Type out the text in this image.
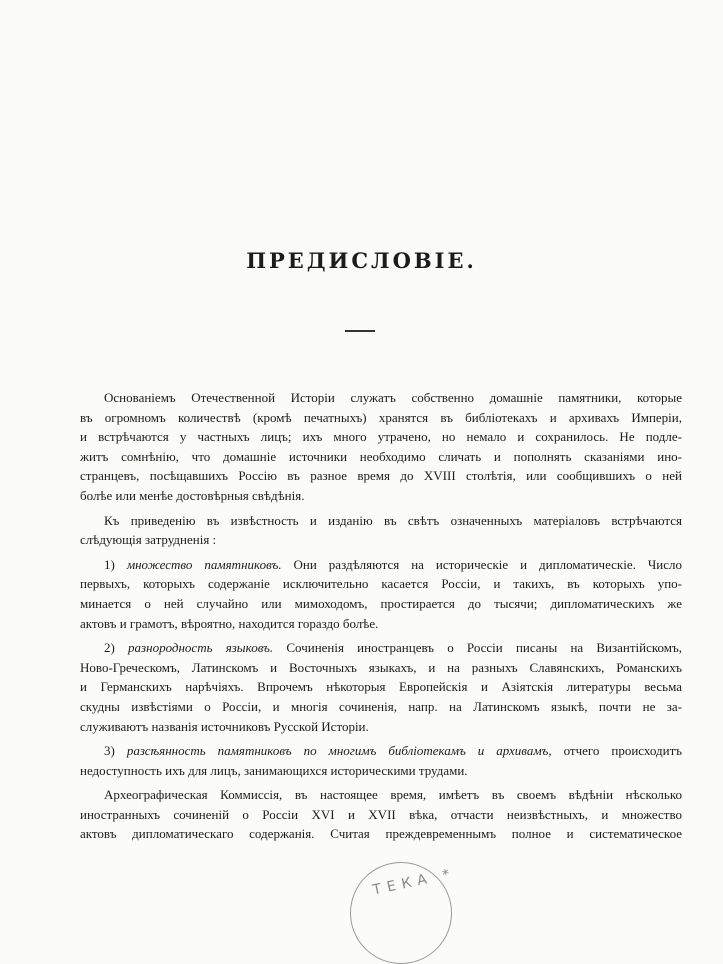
ПРЕДИСЛОВІЕ.
Основаніемъ Отечественной Исторіи служатъ собственно домашніе памятники, которые
въ огромномъ количествѣ (кромѣ печатныхъ) хранятся въ библіотекахъ и архивахъ Имперіи,
и встрѣчаются у частныхъ лицъ; ихъ много утрачено, но немало и сохранилось. Не подле-
житъ сомнѣнію, что домашніе источники необходимо сличать и пополнять сказаніями ино-
странцевъ, посѣщавшихъ Россію въ разное время до XVIII столѣтія, или сообщившихъ о ней
болѣе или менѣе достовѣрныя свѣдѣнія.
Къ приведенію въ извѣстность и изданію въ свѣтъ означенныхъ матеріаловъ встрѣчаются
слѣдующія затрудненія :
1) множество памятниковъ. Они раздѣляются на историческіе и дипломатическіе. Число
первыхъ, которыхъ содержаніе исключительно касается Россіи, и такихъ, въ которыхъ упо-
минается о ней случайно или мимоходомъ, простирается до тысячи; дипломатическихъ же
актовъ и грамотъ, вѣроятно, находится гораздо болѣе.
2) разнородность языковъ. Сочиненія иностранцевъ о Россіи писаны на Византійскомъ,
Ново-Греческомъ, Латинскомъ и Восточныхъ языкахъ, и на разныхъ Славянскихъ, Романскихъ
и Германскихъ нарѣчіяхъ. Впрочемъ нѣкоторыя Европейскія и Азіятскія литературы весьма
скудны извѣстіями о Россіи, и многія сочиненія, напр. на Латинскомъ языкѣ, почти не за-
служиваютъ названія источниковъ Русской Исторіи.
3) разсѣянность памятниковъ по многимъ библіотекамъ и архивамъ, отчего происходитъ
недоступность ихъ для лицъ, занимающихся историческими трудами.
Археографическая Коммиссія, въ настоящее время, имѣетъ въ своемъ вѣдѣніи нѣсколько
иностранныхъ сочиненій о Россіи XVI и XVII вѣка, отчасти неизвѣстныхъ, и множество
актовъ дипломатическаго содержанія. Считая преждевременнымъ полное и систематическое
ТЕКА *
